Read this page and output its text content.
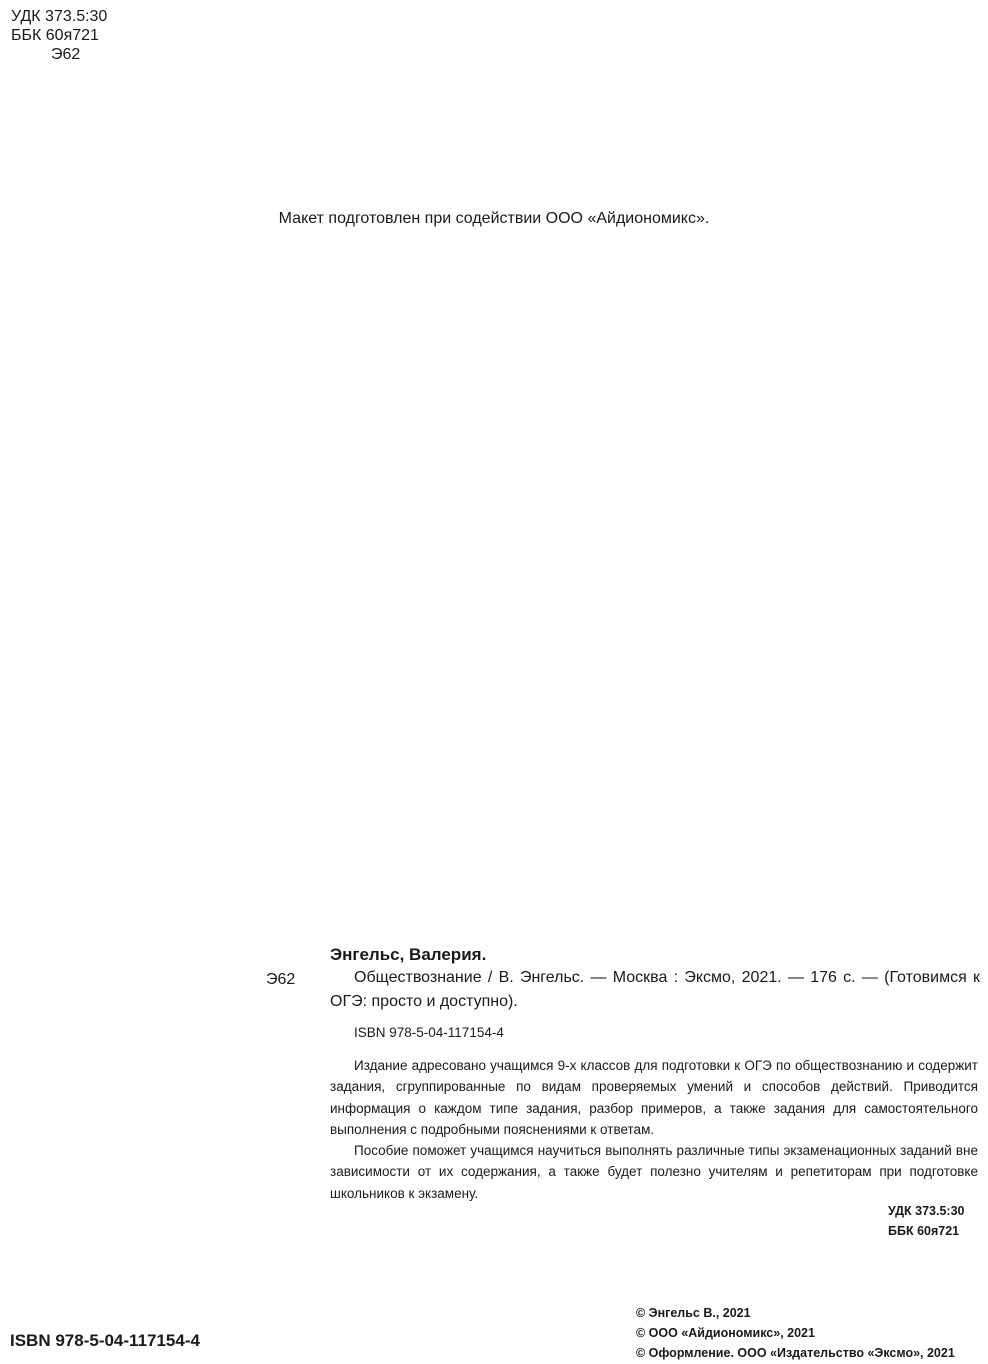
УДК 373.5:30
ББК 60я721
Э62
Макет подготовлен при содействии ООО «Айдиономикс».
Э62
Энгельс, Валерия.

Обществознание / В. Энгельс. — Москва : Эксмо, 2021. — 176 с. — (Готовимся к ОГЭ: просто и доступно).

ISBN 978-5-04-117154-4

Издание адресовано учащимся 9-х классов для подготовки к ОГЭ по обществознанию и содержит задания, сгруппированные по видам проверяемых умений и способов действий. Приводится информация о каждом типе задания, разбор примеров, а также задания для самостоятельного выполнения с подробными пояснениями к ответам.

Пособие поможет учащимся научиться выполнять различные типы экзаменационных заданий вне зависимости от их содержания, а также будет полезно учителям и репетиторам при подготовке школьников к экзамену.

УДК 373.5:30
ББК 60я721
ISBN 978-5-04-117154-4
© Энгельс В., 2021
© ООО «Айдиономикс», 2021
© Оформление. ООО «Издательство «Эксмо», 2021
